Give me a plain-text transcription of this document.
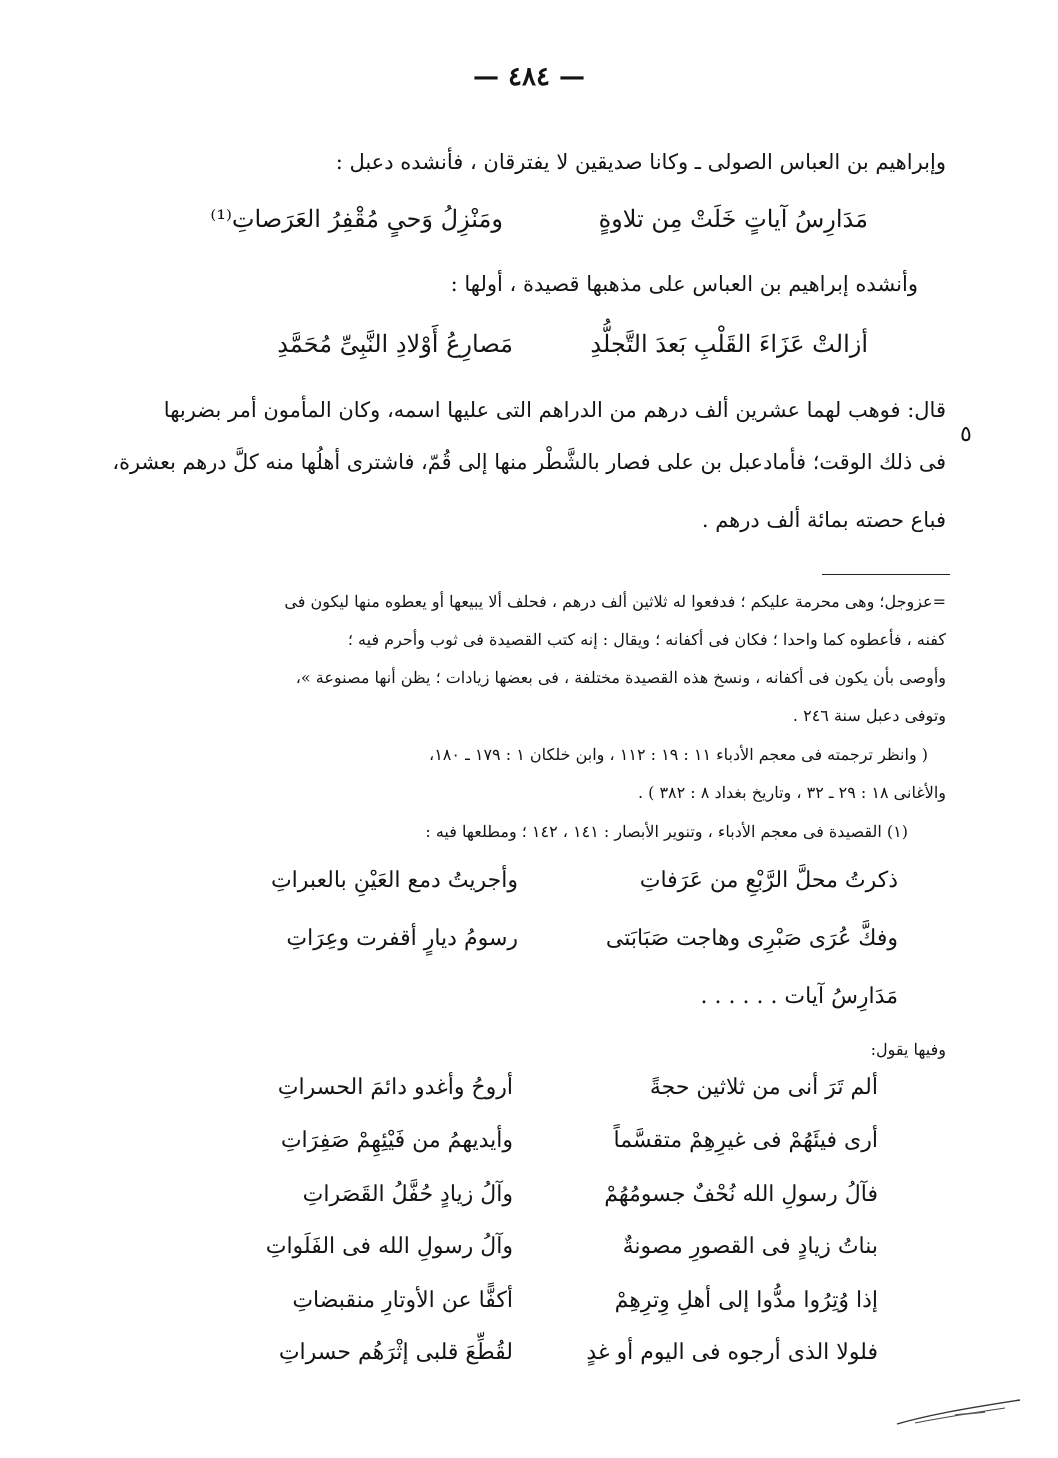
— ٤٨٤ —
وإبراهيم بن العباس الصولى ـ وكانا صديقين لا يفترقان ، فأنشده دعبل :
مَدَارِسُ آياتٍ خَلَتْ مِن تلاوةٍ
ومَنْزِلُ وَحىٍ مُقْفِرُ العَرَصاتِ⁽¹⁾
وأنشده إبراهيم بن العباس على مذهبها قصيدة ، أولها :
أزالتْ عَزَاءَ القَلْبِ بَعدَ التَّجلُّدِ
مَصارِعُ أَوْلادِ النَّبِىِّ مُحَمَّدِ
٥
قال: فوهب لهما عشرين ألف درهم من الدراهم التى عليها اسمه، وكان المأمون أمر بضربها
فى ذلك الوقت؛ فأمادعبل بن على فصار بالشَّطْر منها إلى قُمّ، فاشترى أهلُها منه كلَّ درهم بعشرة،
فباع حصته بمائة ألف درهم .
=عزوجل؛ وهى محرمة عليكم ؛ فدفعوا له ثلاثين ألف درهم ، فحلف ألا يبيعها أو يعطوه منها ليكون فى
كفنه ، فأعطوه كما واحدا ؛ فكان فى أكفانه ؛ ويقال : إنه كتب القصيدة فى ثوب وأحرم فيه ؛
وأوصى بأن يكون فى أكفانه ، ونسخ هذه القصيدة مختلفة ، فى بعضها زيادات ؛ يظن أنها مصنوعة »،
وتوفى دعبل سنة ٢٤٦ .
( وانظر ترجمته فى معجم الأدباء ١١ : ١٩ : ١١٢ ، وابن خلكان ١ : ١٧٩ ـ ١٨٠،
والأغانى ١٨ : ٢٩ ـ ٣٢ ، وتاريخ بغداد ٨ : ٣٨٢ ) .
(١) القصيدة فى معجم الأدباء ، وتنوير الأبصار : ١٤١ ، ١٤٢ ؛ ومطلعها فيه :
ذكرتُ محلَّ الرَّبْعِ من عَرَفاتِ
وأجريتُ دمع العَيْنِ بالعبراتِ
وفكَّ عُرَى صَبْرِى وهاجت صَبَابَتى
رسومُ ديارٍ أقفرت وعِرَاتِ
مَدَارِسُ آيات . . . . . .
وفيها يقول:
ألم تَرَ أنى من ثلاثين حجةً
أروحُ وأغدو دائمَ الحسراتِ
أرى فيئَهُمْ فى غيرِهِمْ متقسَّماً
وأيديهمُ من فَيْئِهِمْ صَفِرَاتِ
فآلُ رسولِ الله نُحْفٌ جسومُهُمْ
وآلُ زيادٍ حُفَّلُ القَصَراتِ
بناتُ زيادٍ فى القصورِ مصونةٌ
وآلُ رسولِ الله فى الفَلَواتِ
إذا وُتِرُوا مدُّوا إلى أهلِ وِترِهِمْ
أكفًّا عن الأوتارِ منقبضاتِ
فلولا الذى أرجوه فى اليوم أو غدٍ
لقُطِّعَ قلبى إثْرَهُم حسراتِ
